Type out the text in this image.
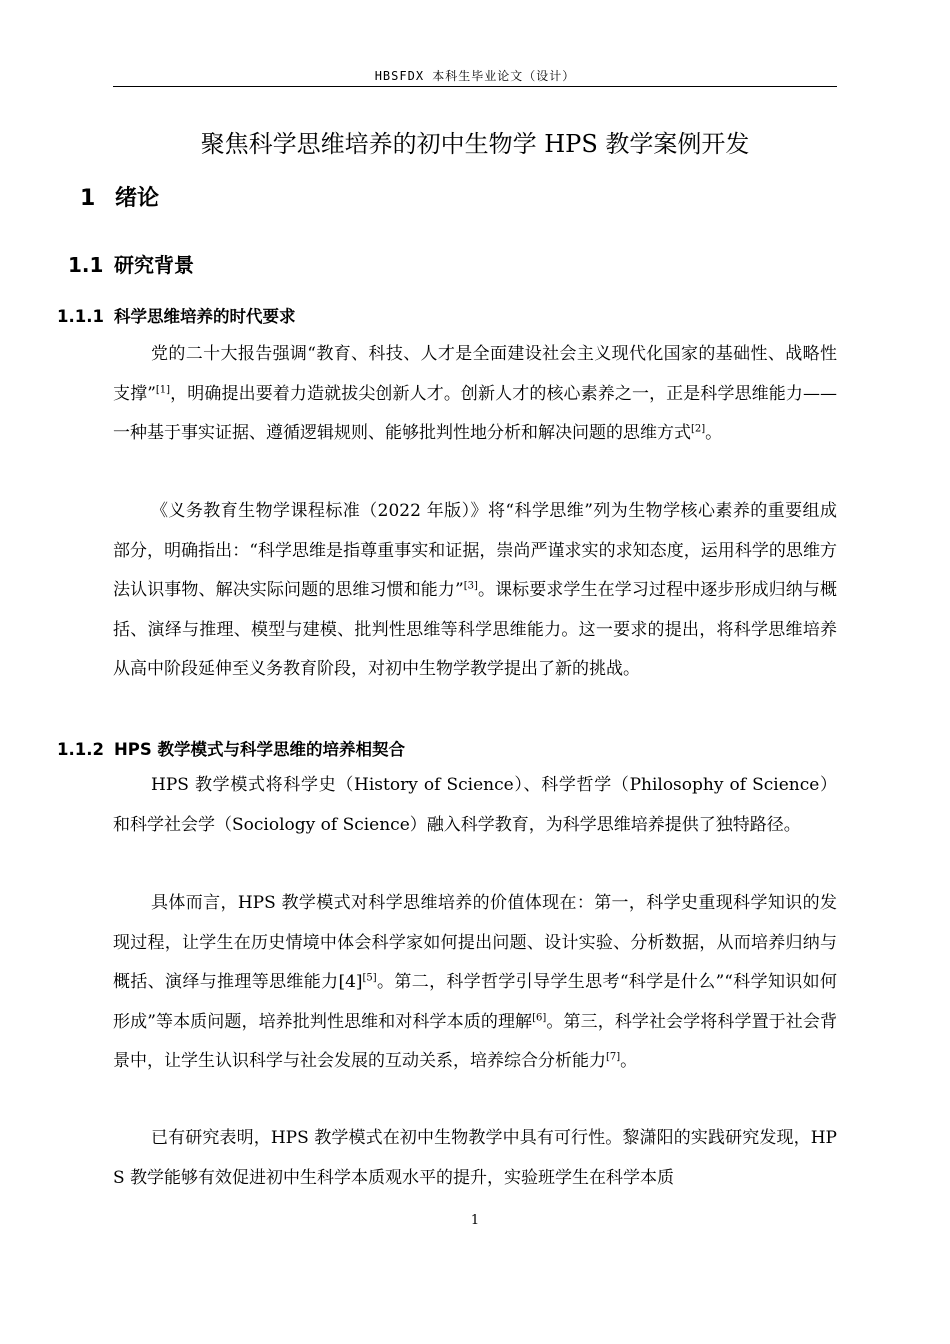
HBSFDX 本科生毕业论文（设计）
聚焦科学思维培养的初中生物学 HPS 教学案例开发
1 绪论
1.1 研究背景
1.1.1 科学思维培养的时代要求

党的二十大报告强调“教育、科技、人才是全面建设社会主义现代化国家的基础性、战略性支撑”[1]，明确提出要着力造就拔尖创新人才。创新人才的核心素养之一，正是科学思维能力——一种基于事实证据、遵循逻辑规则、能够批判性地分析和解决问题的思维方式[2]。

《义务教育生物学课程标准（2022 年版）》将“科学思维”列为生物学核心素养的重要组成部分，明确指出：“科学思维是指尊重事实和证据，崇尚严谨求实的求知态度，运用科学的思维方法认识事物、解决实际问题的思维习惯和能力”[3]。课标要求学生在学习过程中逐步形成归纳与概括、演绎与推理、模型与建模、批判性思维等科学思维能力。这一要求的提出，将科学思维培养从高中阶段延伸至义务教育阶段，对初中生物学教学提出了新的挑战。

1.1.2 HPS 教学模式与科学思维的培养相契合

HPS 教学模式将科学史（History of Science）、科学哲学（Philosophy of Science）和科学社会学（Sociology of Science）融入科学教育，为科学思维培养提供了独特路径。

具体而言，HPS 教学模式对科学思维培养的价值体现在：第一，科学史重现科学知识的发现过程，让学生在历史情境中体会科学家如何提出问题、设计实验、分析数据，从而培养归纳与概括、演绎与推理等思维能力[4][5]。第二，科学哲学引导学生思考“科学是什么”“科学知识如何形成”等本质问题，培养批判性思维和对科学本质的理解[6]。第三，科学社会学将科学置于社会背景中，让学生认识科学与社会发展的互动关系，培养综合分析能力[7]。

已有研究表明，HPS 教学模式在初中生物教学中具有可行性。黎潇阳的实践研究发现，HPS 教学能够有效促进初中生科学本质观水平的提升，实验班学生在科学本质

1
